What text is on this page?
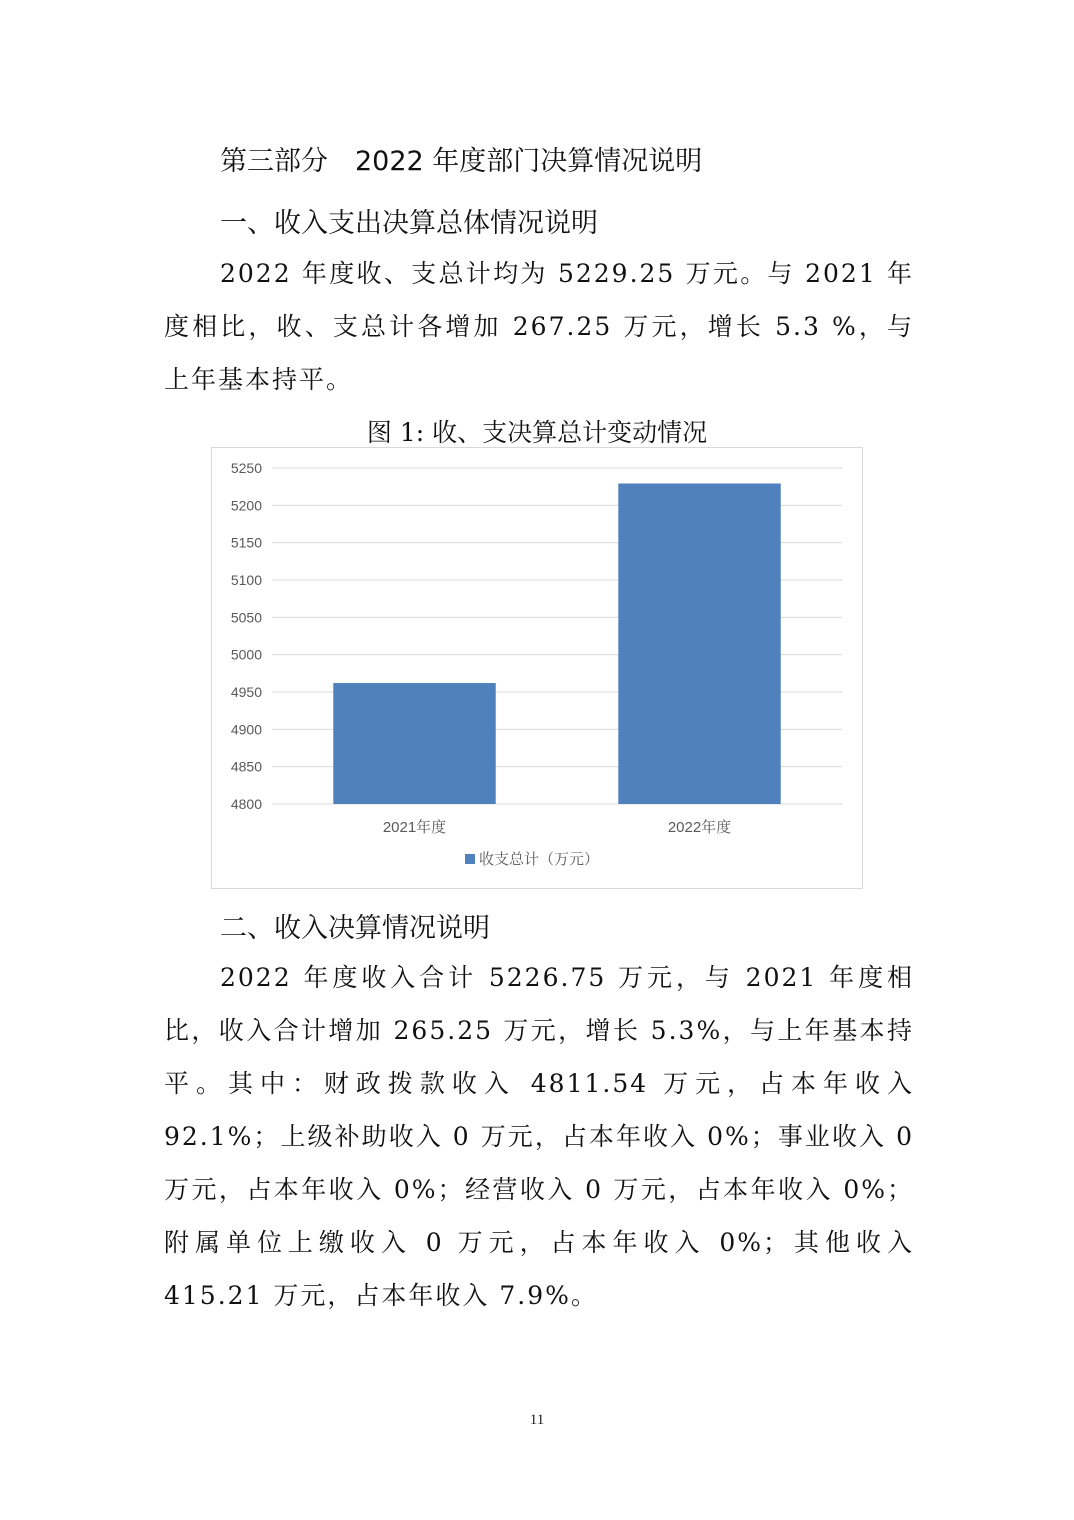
第三部分　2022 年度部门决算情况说明
一、收入支出决算总体情况说明

2022 年度收、支总计均为 5229.25 万元。与 2021 年度相比，收、支总计各增加 267.25 万元，增长 5.3 %，与上年基本持平。

图 1: 收、支决算总计变动情况
4800
4850
4900
4950
5000
5050
5100
5150
5200
5250
2021年度	2022年度
收支总计（万元）
二、收入决算情况说明

2022 年度收入合计 5226.75 万元，与 2021 年度相比，收入合计增加 265.25 万元，增长 5.3%，与上年基本持平。其中：财政拨款收入 4811.54 万元，占本年收入 92.1%；上级补助收入 0 万元，占本年收入 0%；事业收入 0 万元，占本年收入 0%；经营收入 0 万元，占本年收入 0%；附属单位上缴收入 0 万元，占本年收入 0%；其他收入 415.21 万元，占本年收入 7.9%。

11
